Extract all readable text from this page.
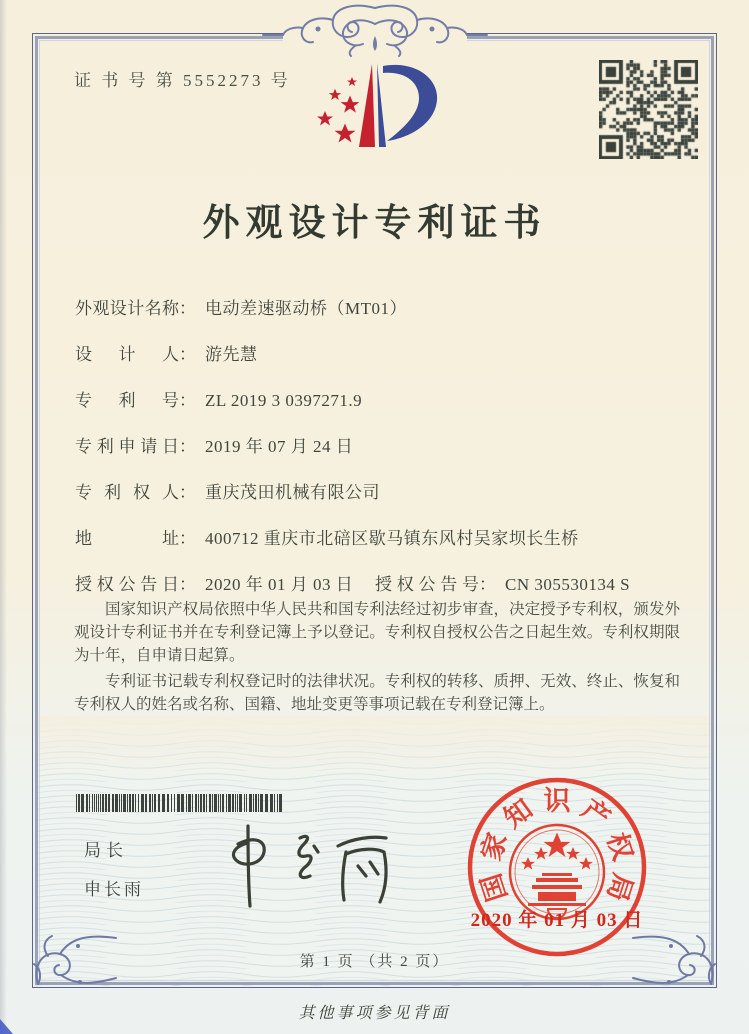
证 书 号 第 5552273 号
外观设计专利证书
外观设计名称： 电动差速驱动桥（MT01）
设计人： 游先慧
专利号： ZL 2019 3 0397271.9
专利申请日： 2019 年 07 月 24 日
专利权人： 重庆茂田机械有限公司
地址： 400712 重庆市北碚区歇马镇东风村吴家坝长生桥
授权公告日： 2020 年 01 月 03 日 授权公告号： CN 305530134 S

国家知识产权局依照中华人民共和国专利法经过初步审查，决定授予专利权，颁发外观设计专利证书并在专利登记簿上予以登记。专利权自授权公告之日起生效。专利权期限为十年，自申请日起算。

专利证书记载专利权登记时的法律状况。专利权的转移、质押、无效、终止、恢复和专利权人的姓名或名称、国籍、地址变更等事项记载在专利登记簿上。

局长
申长雨	国
家
知 识 产
权
局
2020 年 01 月 03 日
第 1 页 （共 2 页）
其他事项参见背面
